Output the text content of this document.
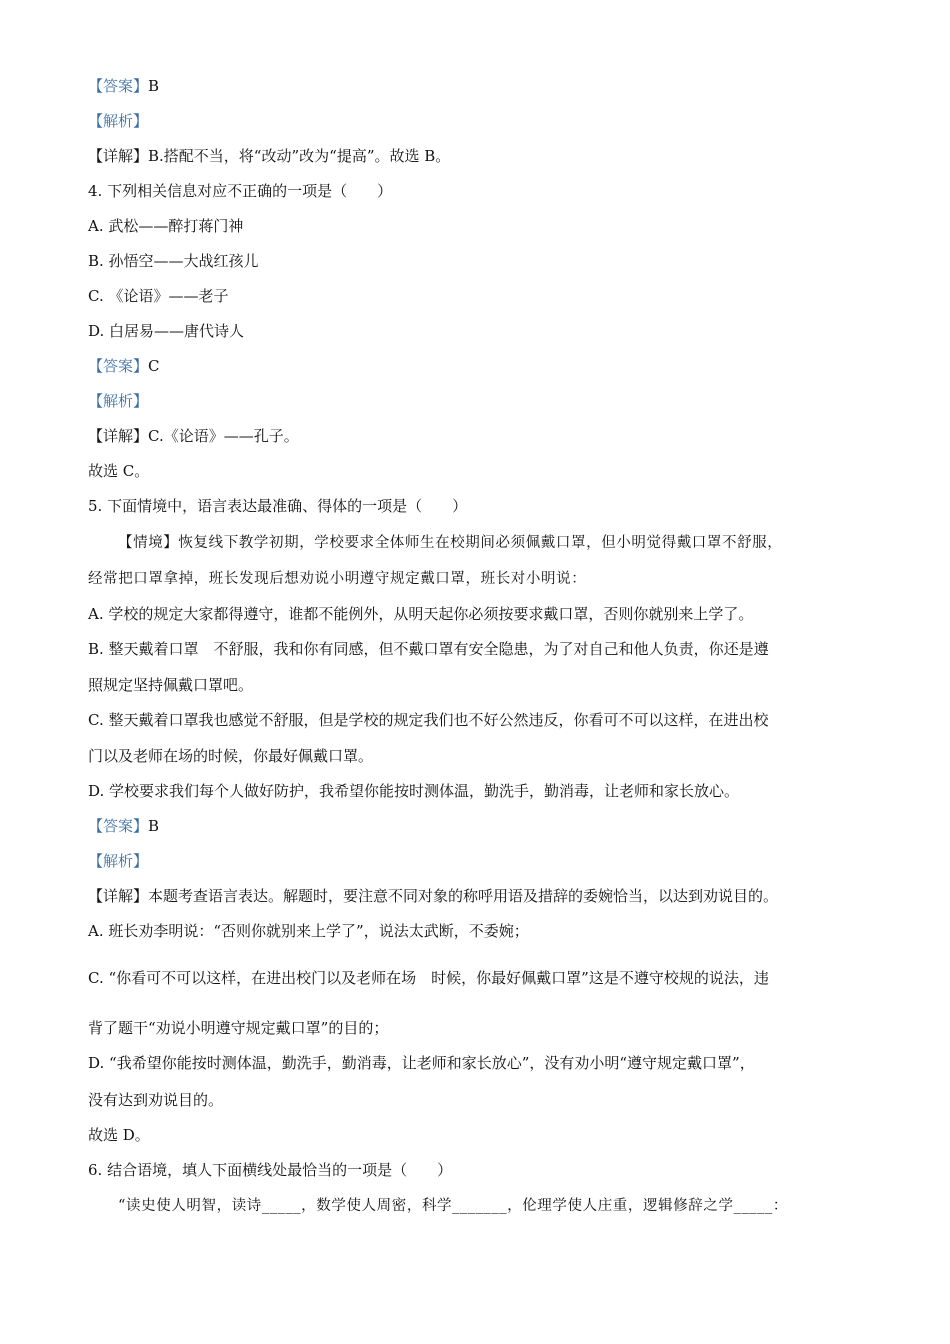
【答案】B
【解析】
【详解】B.搭配不当，将“改动”改为“提高”。故选 B。
4. 下列相关信息对应不正确的一项是（　　）
A. 武松——醉打蒋门神
B. 孙悟空——大战红孩儿
C. 《论语》——老子
D. 白居易——唐代诗人
【答案】C
【解析】
【详解】C.《论语》——孔子。
故选 C。
5. 下面情境中，语言表达最准确、得体的一项是（　　）
【情境】恢复线下教学初期，学校要求全体师生在校期间必须佩戴口罩，但小明觉得戴口罩不舒服，
经常把口罩拿掉，班长发现后想劝说小明遵守规定戴口罩，班长对小明说：
A. 学校的规定大家都得遵守，谁都不能例外，从明天起你必须按要求戴口罩，否则你就别来上学了。
B. 整天戴着口罩　不舒服，我和你有同感，但不戴口罩有安全隐患，为了对自己和他人负责，你还是遵
照规定坚持佩戴口罩吧。
C. 整天戴着口罩我也感觉不舒服，但是学校的规定我们也不好公然违反，你看可不可以这样，在进出校
门以及老师在场的时候，你最好佩戴口罩。
D. 学校要求我们每个人做好防护，我希望你能按时测体温，勤洗手，勤消毒，让老师和家长放心。
【答案】B
【解析】
【详解】本题考查语言表达。解题时，要注意不同对象的称呼用语及措辞的委婉恰当，以达到劝说目的。
A. 班长劝李明说：“否则你就别来上学了”，说法太武断，不委婉；
C. “你看可不可以这样，在进出校门以及老师在场　时候，你最好佩戴口罩”这是不遵守校规的说法，违
背了题干“劝说小明遵守规定戴口罩”的目的；
D. “我希望你能按时测体温，勤洗手，勤消毒，让老师和家长放心”，没有劝小明“遵守规定戴口罩”，
没有达到劝说目的。
故选 D。
6. 结合语境，填人下面横线处最恰当的一项是（　　）
“读史使人明智，读诗_____，数学使人周密，科学_______，伦理学使人庄重，逻辑修辞之学_____：
